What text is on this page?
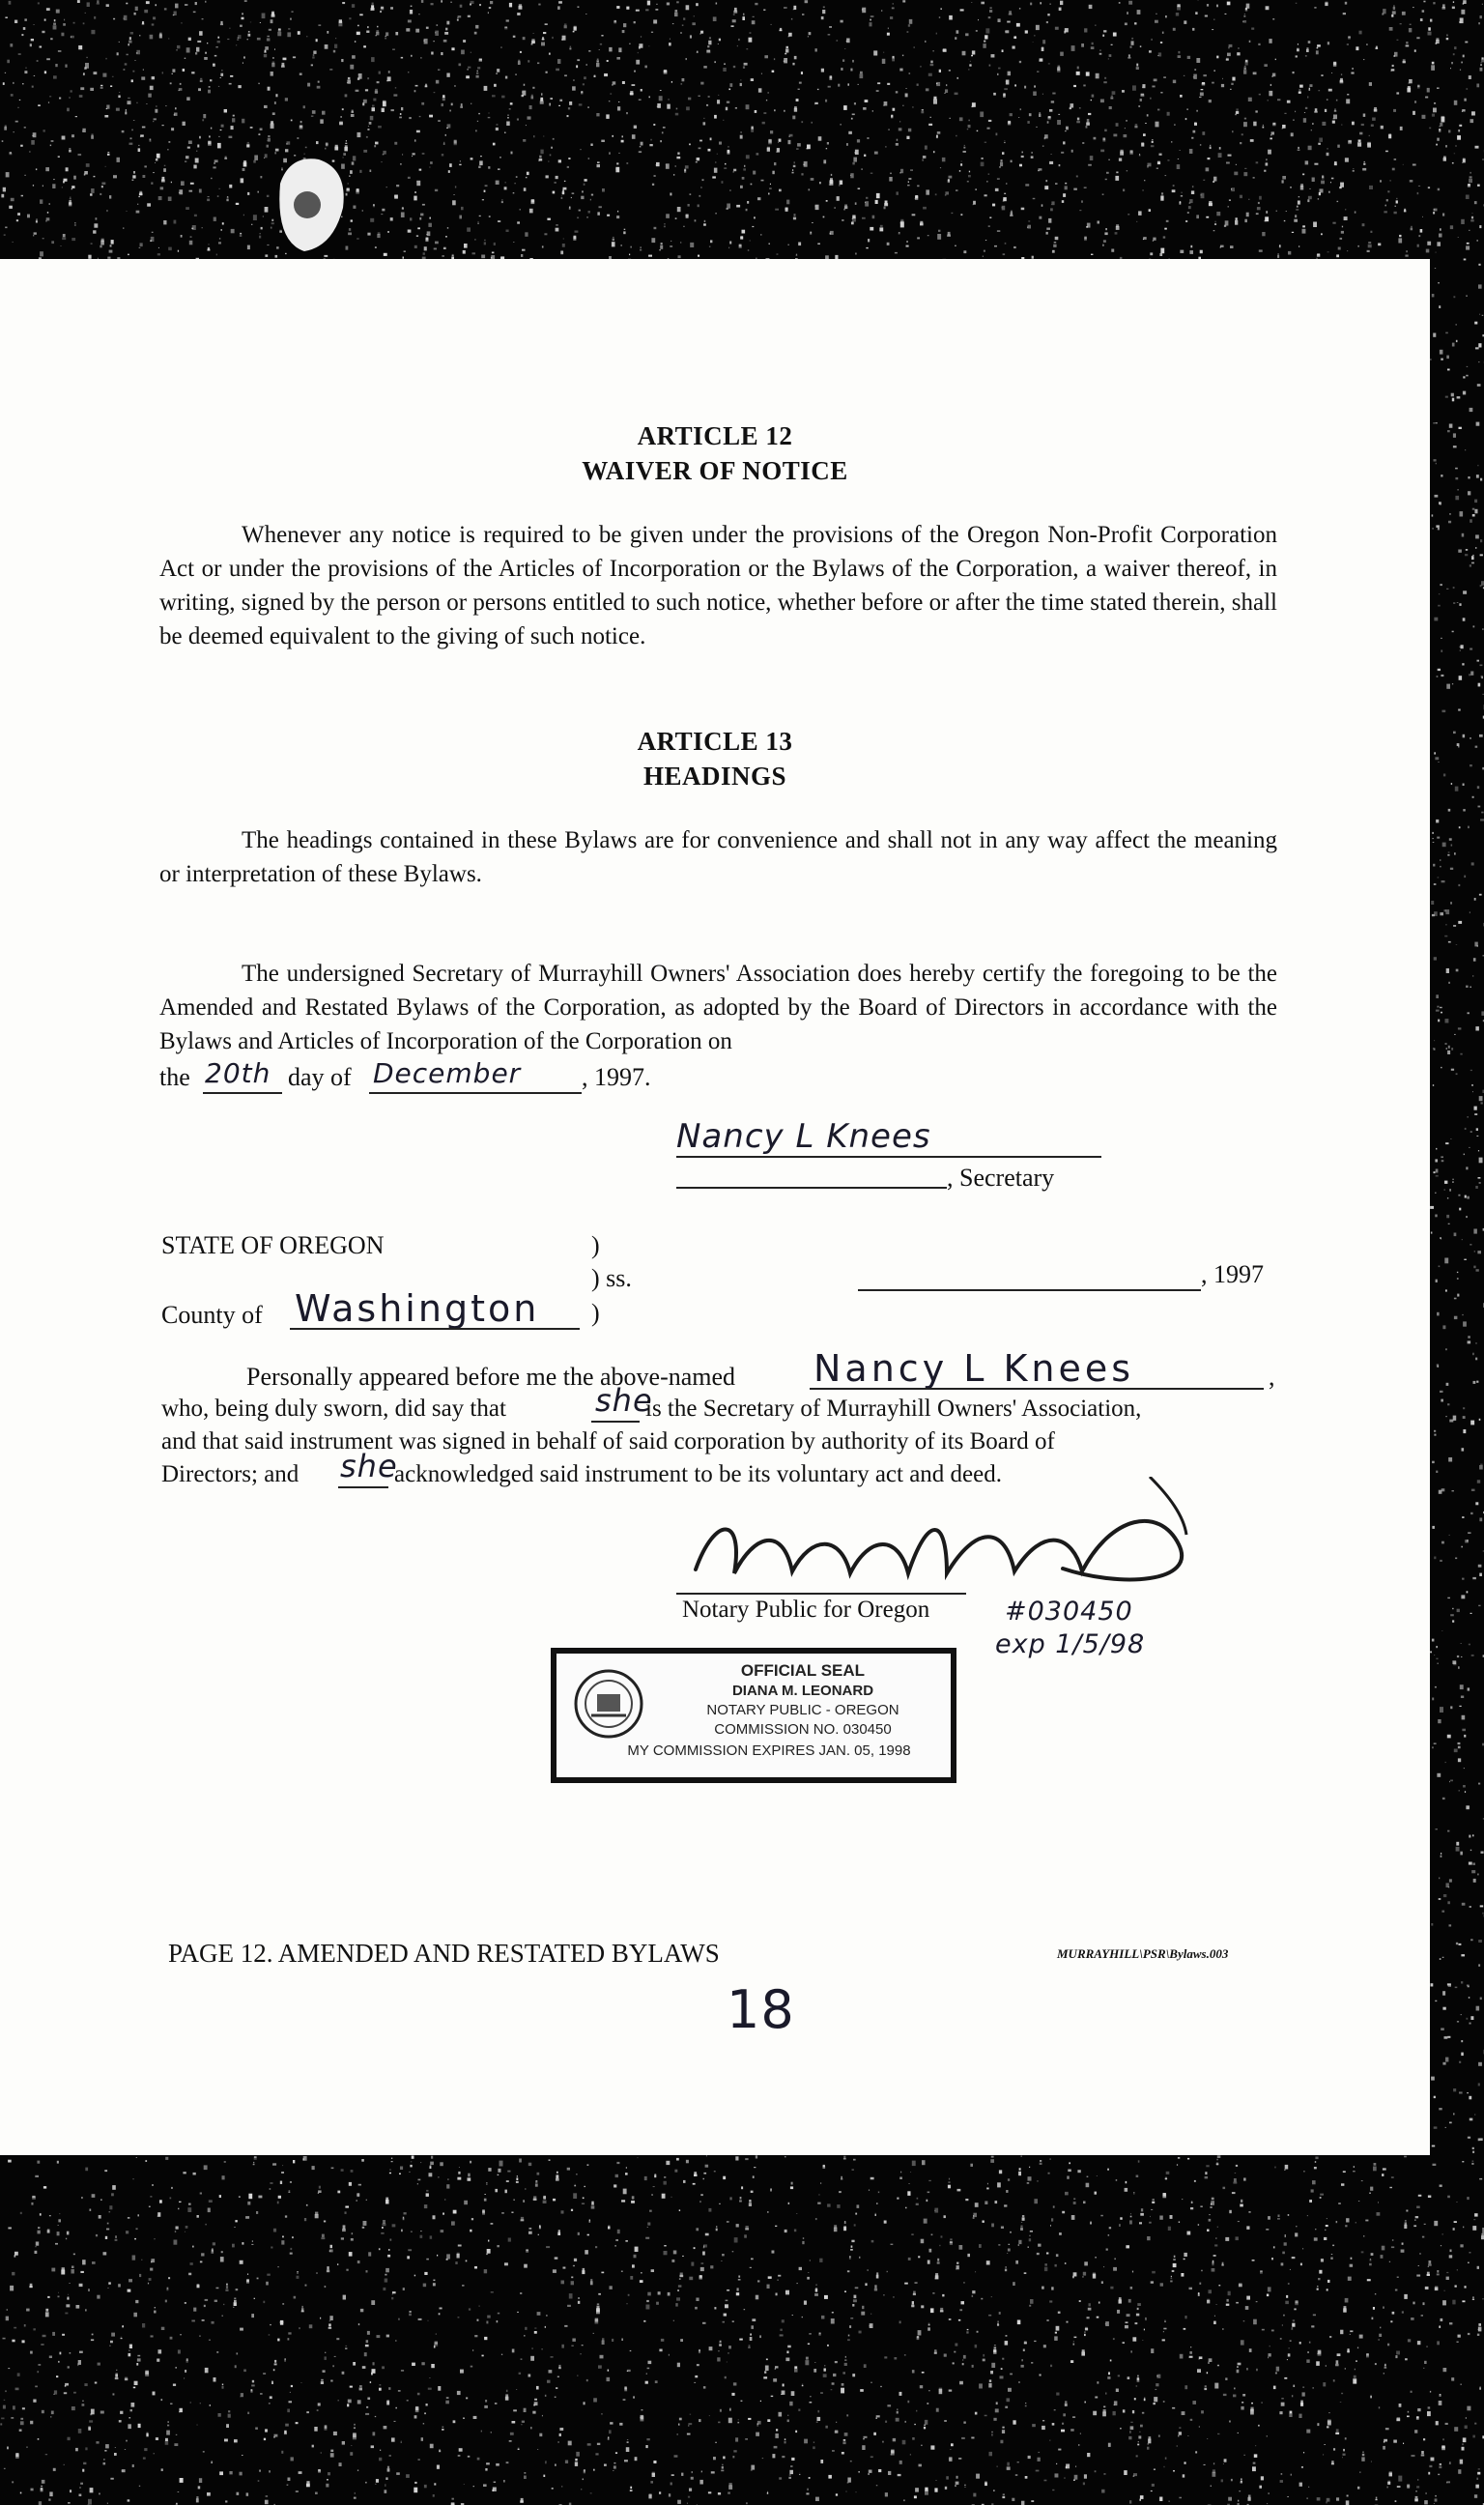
ARTICLE 12
WAIVER OF NOTICE
Whenever any notice is required to be given under the provisions of the Oregon Non-Profit Corporation Act or under the provisions of the Articles of Incorporation or the Bylaws of the Corporation, a waiver thereof, in writing, signed by the person or persons entitled to such notice, whether before or after the time stated therein, shall be deemed equivalent to the giving of such notice.
ARTICLE 13
HEADINGS
The headings contained in these Bylaws are for convenience and shall not in any way affect the meaning or interpretation of these Bylaws.
The undersigned Secretary of Murrayhill Owners' Association does hereby certify the foregoing to be the Amended and Restated Bylaws of the Corporation, as adopted by the Board of Directors in accordance with the Bylaws and Articles of Incorporation of the Corporation on
the 20th day of December , 1997.
Nancy L Knees
, Secretary
STATE OF OREGON	)
) ss.	, 1997
County of Washington )
Personally appeared before me the above-named Nancy L Knees	,
who, being duly sworn, did say that	she
is the Secretary of Murrayhill Owners' Association,
and that said instrument was signed in behalf of said corporation by authority of its Board of
Directors; and she
acknowledged said instrument to be its voluntary act and deed.
Notary Public for Oregon	#030450
exp 1/5/98
OFFICIAL SEAL
DIANA M. LEONARD
NOTARY PUBLIC - OREGON
COMMISSION NO. 030450
MY COMMISSION EXPIRES JAN. 05, 1998
PAGE 12. AMENDED AND RESTATED BYLAWS	MURRAYHILL\PSR\Bylaws.003
18
